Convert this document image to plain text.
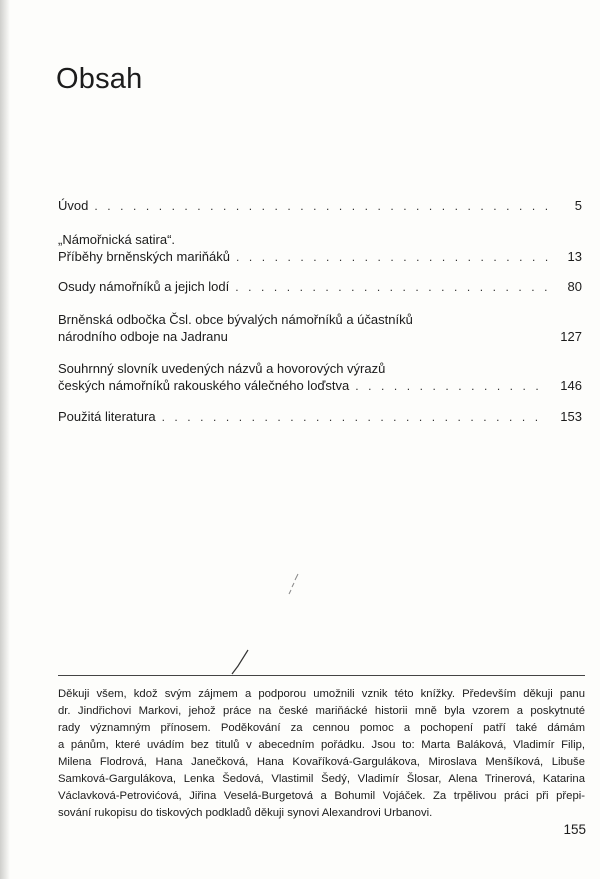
Obsah
Úvod . . .	5
„Námořnická satira“.
Příběhy brněnských mariňáků . . .	13
Osudy námořníků a jejich lodí . . .	80
Brněnská odbočka Čsl. obce bývalých námořníků a účastníků
národního odboje na Jadranu	127
Souhrnný slovník uvedených názvů a hovorových výrazů
českých námořníků rakouského válečného loďstva . . .	146
Použitá literatura . . .	153
Děkuji všem, kdož svým zájmem a podporou umožnili vznik této knížky. Především děkuji panu
dr. Jindřichovi Markovi, jehož práce na české mariňácké historii mně byla vzorem a poskytnuté
rady významným přínosem. Poděkování za cennou pomoc a pochopení patří také dámám
a pánům, které uvádím bez titulů v abecedním pořádku. Jsou to: Marta Baláková, Vladimír Filip,
Milena Flodrová, Hana Janečková, Hana Kovaříková-Gargulákova, Miroslava Menšíková, Libuše
Samková-Gargulákova, Lenka Šedová, Vlastimil Šedý, Vladimír Šlosar, Alena Trinerová, Katarina
Václavková-Petrovićová, Jiřina Veselá-Burgetová a Bohumil Vojáček. Za trpělivou práci při přepi-
sování rukopisu do tiskových podkladů děkuji synovi Alexandrovi Urbanovi.
155
